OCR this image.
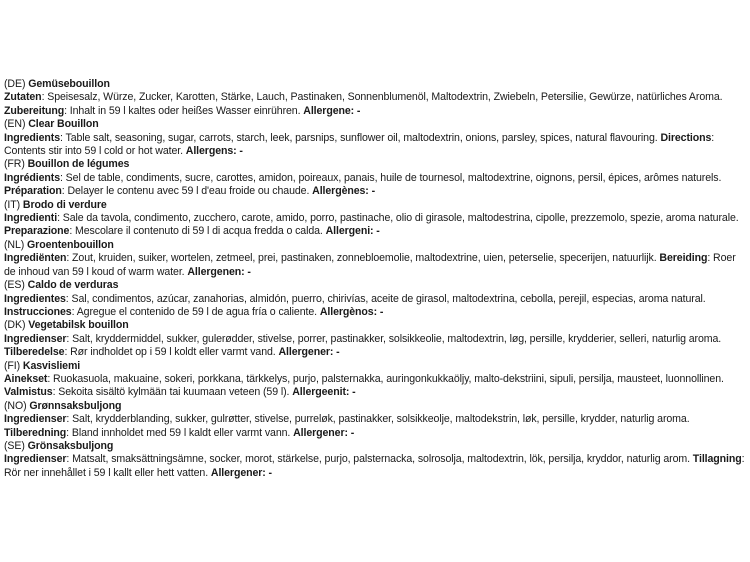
(DE) Gemüsebouillon

Zutaten: Speisesalz, Würze, Zucker, Karotten, Stärke, Lauch, Pastinaken, Sonnenblumenöl, Maltodextrin, Zwiebeln, Petersilie, Gewürze, natürliches Aroma. Zubereitung: Inhalt in 59 l kaltes oder heißes Wasser einrühren. Allergene: -

(EN) Clear Bouillon

Ingredients: Table salt, seasoning, sugar, carrots, starch, leek, parsnips, sunflower oil, maltodextrin, onions, parsley, spices, natural flavouring. Directions: Contents stir into 59 l cold or hot water. Allergens: -

(FR) Bouillon de légumes

Ingrédients: Sel de table, condiments, sucre, carottes, amidon, poireaux, panais, huile de tournesol, maltodextrine, oignons, persil, épices, arômes naturels. Préparation: Delayer le contenu avec 59 l d'eau froide ou chaude. Allergènes: -

(IT) Brodo di verdure

Ingredienti: Sale da tavola, condimento, zucchero, carote, amido, porro, pastinache, olio di girasole, maltodestrina, cipolle, prezzemolo, spezie, aroma naturale. Preparazione: Mescolare il contenuto di 59 l di acqua fredda o calda. Allergeni: -

(NL) Groentenbouillon

Ingrediënten: Zout, kruiden, suiker, wortelen, zetmeel, prei, pastinaken, zonnebloemolie, maltodextrine, uien, peterselie, specerijen, natuurlijk. Bereiding: Roer de inhoud van 59 l koud of warm water. Allergenen: -

(ES) Caldo de verduras

Ingredientes: Sal, condimentos, azúcar, zanahorias, almidón, puerro, chirivías, aceite de girasol, maltodextrina, cebolla, perejil, especias, aroma natural. Instrucciones: Agregue el contenido de 59 l de agua fría o caliente. Allergènos: -

(DK) Vegetabilsk bouillon

Ingredienser: Salt, kryddermiddel, sukker, gulerødder, stivelse, porrer, pastinakker, solsikkeolie, maltodextrin, løg, persille, krydderier, selleri, naturlig aroma. Tilberedelse: Rør indholdet op i 59 l koldt eller varmt vand. Allergener: -

(FI) Kasvisliemi

Ainekset: Ruokasuola, makuaine, sokeri, porkkana, tärkkelys, purjo, palsternakka, auringonkukkaöljy, malto-dekstriini, sipuli, persilja, mausteet, luonnollinen. Valmistus: Sekoita sisältö kylmään tai kuumaan veteen (59 l). Allergeenit: -

(NO) Grønnsaksbuljong

Ingredienser: Salt, krydderblanding, sukker, gulrøtter, stivelse, purreløk, pastinakker, solsikkeolje, maltodekstrin, løk, persille, krydder, naturlig aroma. Tilberedning: Bland innholdet med 59 l kaldt eller varmt vann. Allergener: -

(SE) Grönsaksbuljong

Ingredienser: Matsalt, smaksättningsämne, socker, morot, stärkelse, purjo, palsternacka, solrosolja, maltodextrin, lök, persilja, kryddor, naturlig arom. Tillagning: Rör ner innehållet i 59 l kallt eller hett vatten. Allergener: -
